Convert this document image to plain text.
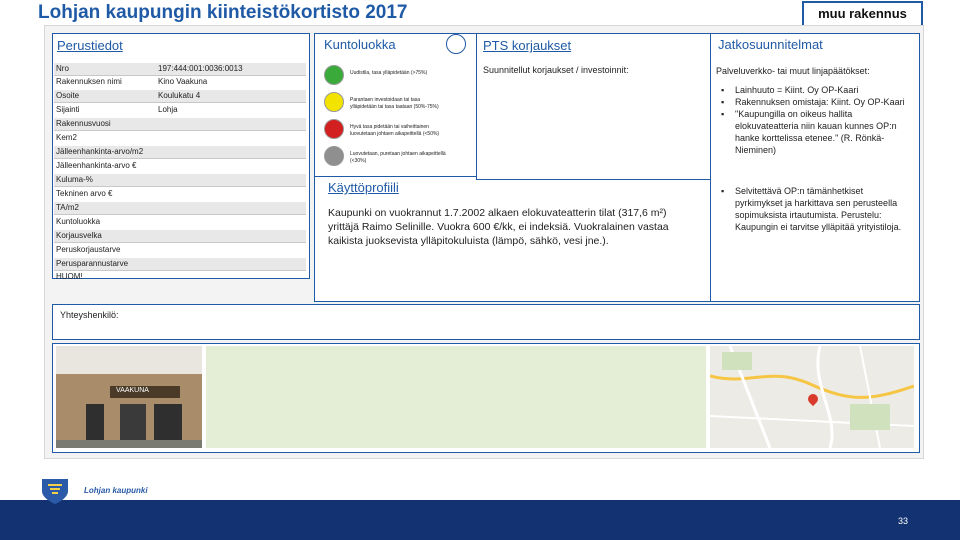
Lohjan kaupungin kiinteistökortisto 2017	muu rakennus
Perustiedot
Nro	197:444:001:0036:0013
Rakennuksen nimi	Kino Vaakuna
Osoite	Koulukatu 4
Sijainti	Lohja
Rakennusvuosi
Kem2
Jälleenhankinta-arvo/m2
Jälleenhankinta-arvo €
Kuluma-%
Tekninen arvo €
TA/m2
Kuntoluokka
Korjausvelka
Peruskorjaustarve
Perusparannustarve
HUOM!
Kuntoluokka
Uudistila, tasa ylläpidetään (>75%)
Parantaen investoidaan tai tasa
ylläpidetään tai tasa taataan (50%-75%)
Hyvä tasa pidetään tai vaiheittainen
luovutetaan johtaen aikapeittellä (<50%)
Luovutetaan, puretaan johtaen aikapeittellä
(<30%)
Käyttöprofiili
Kaupunki on vuokrannut 1.7.2002 alkaen elokuvateatterin tilat (317,6 m²) yrittäjä Raimo Selinille. Vuokra 600 €/kk, ei indeksiä. Vuokralainen vastaa kaikista juoksevista ylläpitokuluista (lämpö, sähkö, vesi jne.).
PTS korjaukset
Suunnitellut korjaukset / investoinnit:
Jatkosuunnitelmat
Palveluverkko- tai muut linjapäätökset:
▪ Lainhuuto = Kiint. Oy OP-Kaari
▪ Rakennuksen omistaja: Kiint. Oy OP-Kaari
▪ "Kaupungilla on oikeus hallita elokuvateatteria niin kauan kunnes OP:n hanke korttelissa etenee." (R. Rönkä-Nieminen)
▪ Selvitettävä OP:n tämänhetkiset pyrkimykset ja harkittava sen perusteella sopimuksista irtautumista. Perustelu: Kaupungin ei tarvitse ylläpitää yrityistiloja.
Yhteyshenkilö:
VAAKUNA
Lohjan kaupunki
33
